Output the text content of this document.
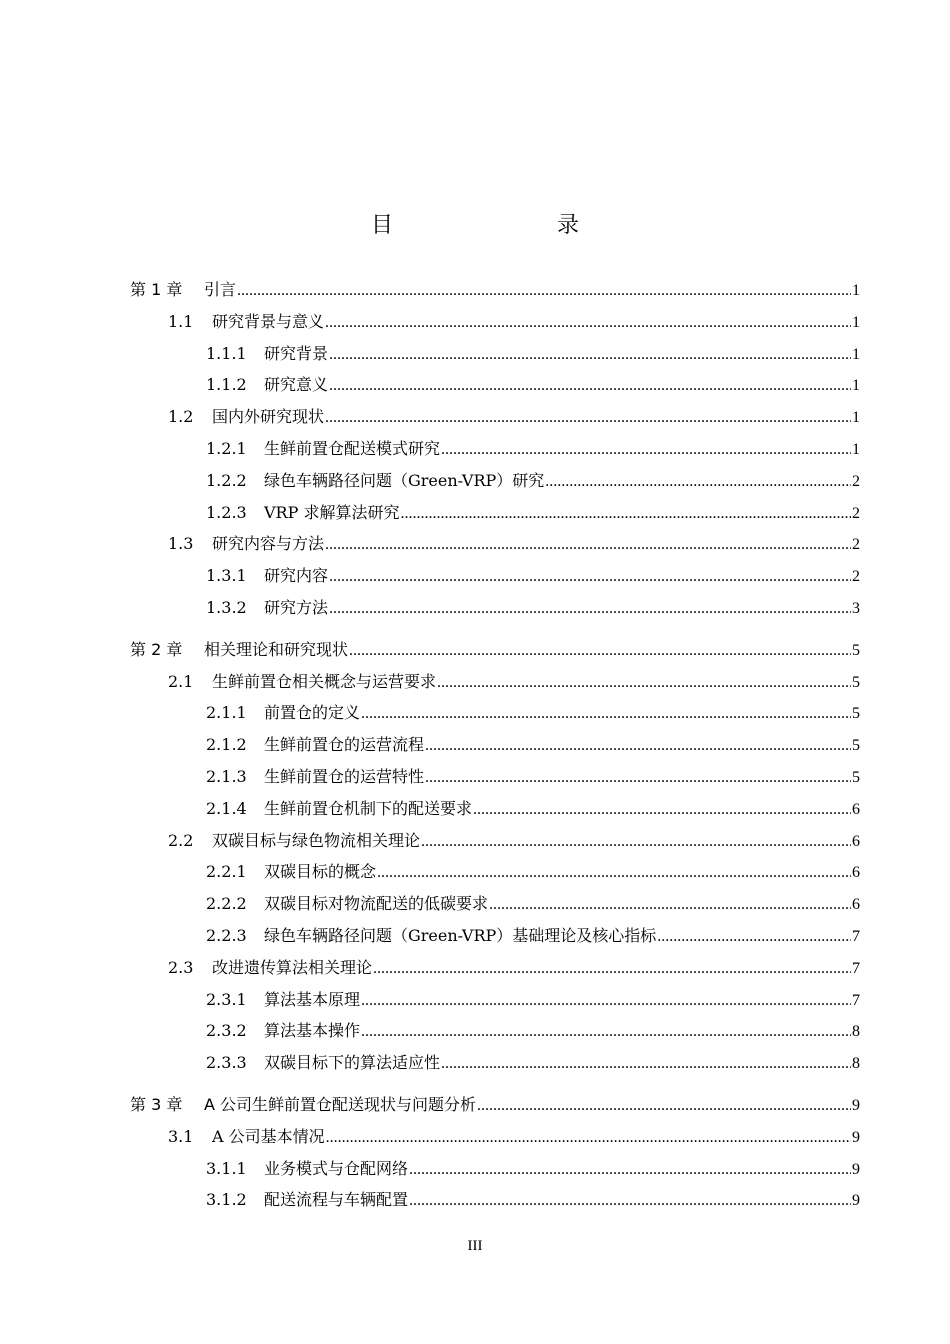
目　　录
第 1 章	引言 .....	1
1.1	研究背景与意义 .....	1
1.1.1	研究背景 .....	1
1.1.2	研究意义 .....	1
1.2	国内外研究现状 .....	1
1.2.1	生鲜前置仓配送模式研究 .....	1
1.2.2	绿色车辆路径问题（Green-VRP）研究 .....	2
1.2.3	VRP 求解算法研究 .....	2
1.3	研究内容与方法 .....	2
1.3.1	研究内容 .....	2
1.3.2	研究方法 .....	3
第 2 章	相关理论和研究现状 .....	5
2.1	生鲜前置仓相关概念与运营要求 .....	5
2.1.1	前置仓的定义 .....	5
2.1.2	生鲜前置仓的运营流程 .....	5
2.1.3	生鲜前置仓的运营特性 .....	5
2.1.4	生鲜前置仓机制下的配送要求 .....	6
2.2	双碳目标与绿色物流相关理论 .....	6
2.2.1	双碳目标的概念 .....	6
2.2.2	双碳目标对物流配送的低碳要求 .....	6
2.2.3	绿色车辆路径问题（Green-VRP）基础理论及核心指标 .....	7
2.3	改进遗传算法相关理论 .....	7
2.3.1	算法基本原理 .....	7
2.3.2	算法基本操作 .....	8
2.3.3	双碳目标下的算法适应性 .....	8
第 3 章	A 公司生鲜前置仓配送现状与问题分析 .....	9
3.1	A 公司基本情况 .....	9
3.1.1	业务模式与仓配网络 .....	9
3.1.2	配送流程与车辆配置 .....	9
III
